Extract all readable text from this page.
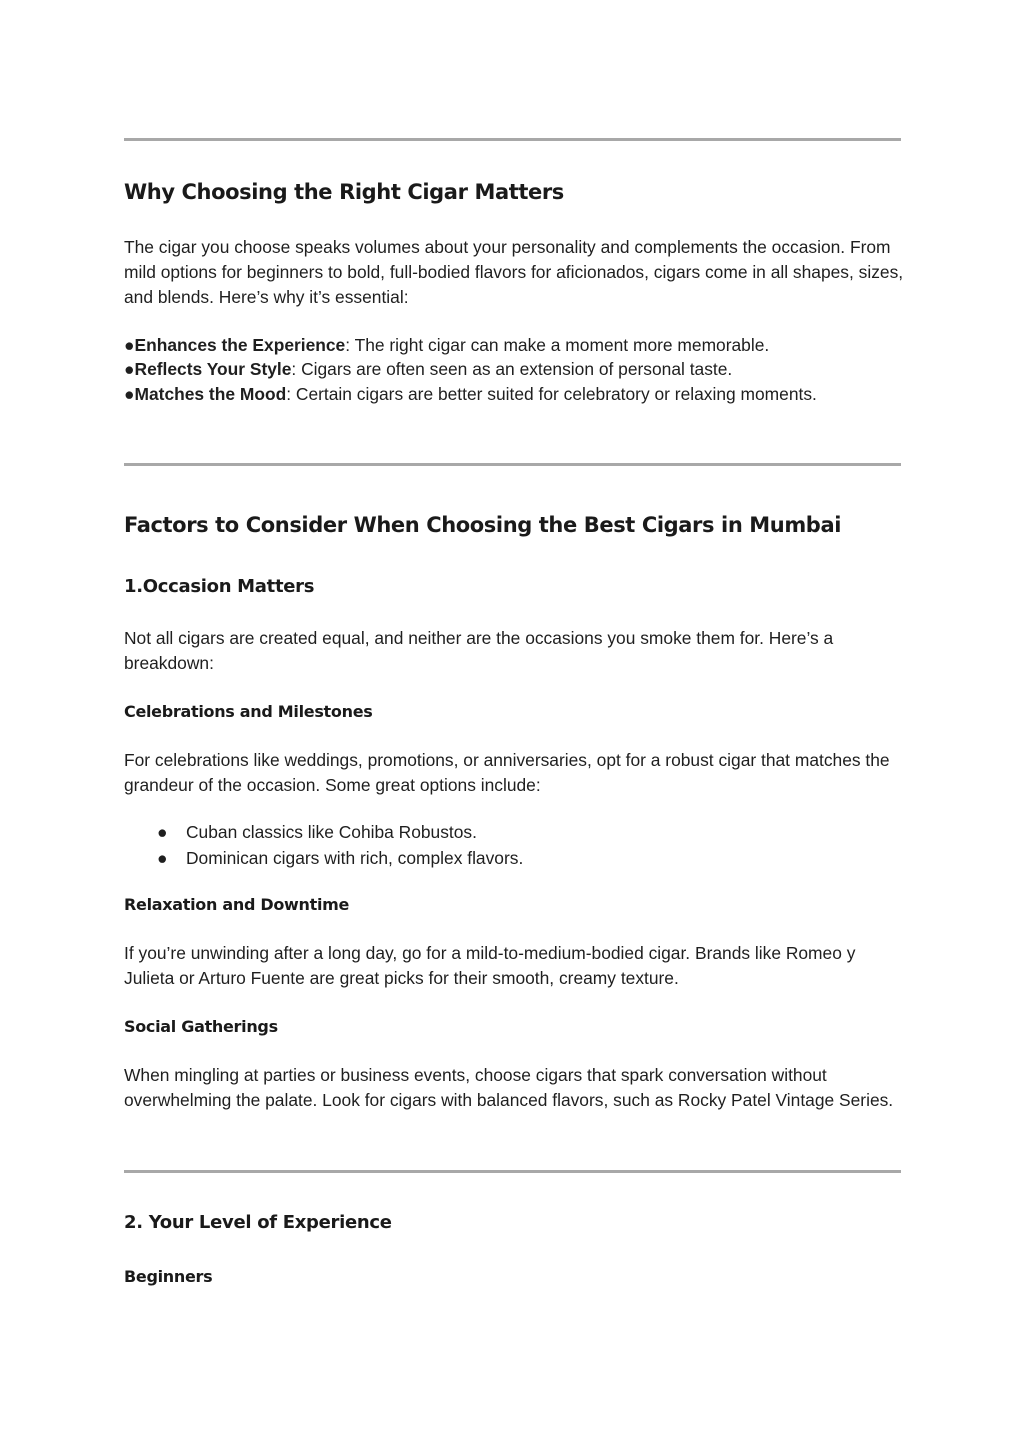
Why Choosing the Right Cigar Matters

The cigar you choose speaks volumes about your personality and complements the occasion. From mild options for beginners to bold, full-bodied flavors for aficionados, cigars come in all shapes, sizes, and blends. Here’s why it’s essential:

●Enhances the Experience: The right cigar can make a moment more memorable.

●Reflects Your Style: Cigars are often seen as an extension of personal taste.

●Matches the Mood: Certain cigars are better suited for celebratory or relaxing moments.

Factors to Consider When Choosing the Best Cigars in Mumbai
1.Occasion Matters

Not all cigars are created equal, and neither are the occasions you smoke them for. Here’s a breakdown:

Celebrations and Milestones

For celebrations like weddings, promotions, or anniversaries, opt for a robust cigar that matches the grandeur of the occasion. Some great options include:

● Cuban classics like Cohiba Robustos.
● Dominican cigars with rich, complex flavors.
Relaxation and Downtime

If you’re unwinding after a long day, go for a mild-to-medium-bodied cigar. Brands like Romeo y Julieta or Arturo Fuente are great picks for their smooth, creamy texture.

Social Gatherings

When mingling at parties or business events, choose cigars that spark conversation without overwhelming the palate. Look for cigars with balanced flavors, such as Rocky Patel Vintage Series.

2. Your Level of Experience
Beginners
